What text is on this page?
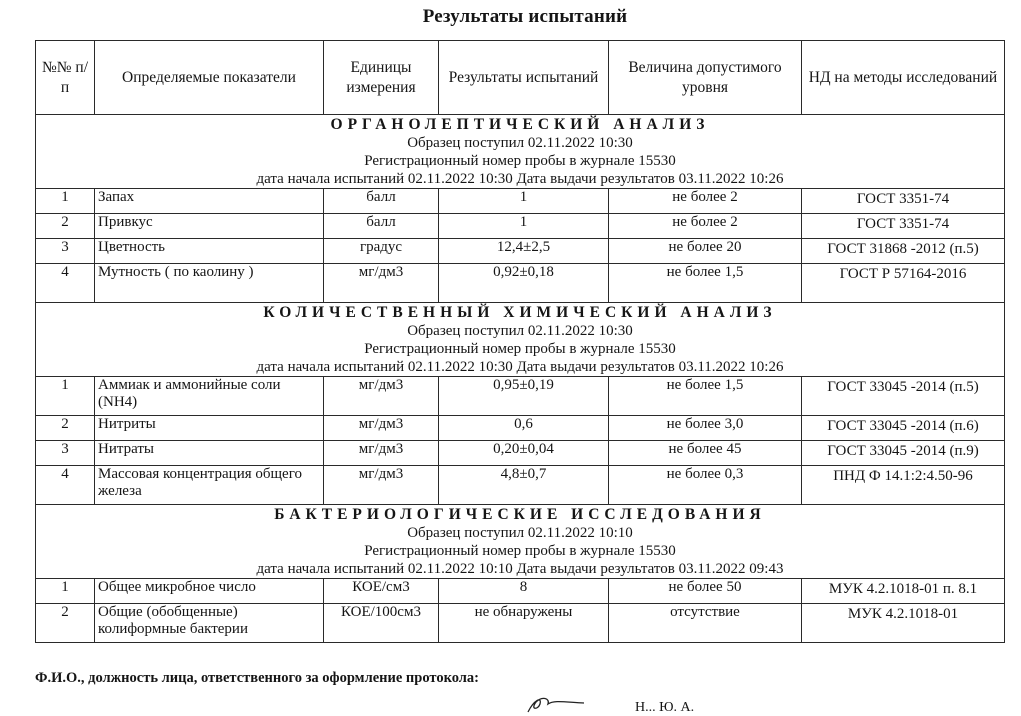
Результаты испытаний
№№ п/п	Определяемые показатели	Единицы измерения	Результаты испытаний	Величина допустимого уровня	НД на методы исследований

ОРГАНОЛЕПТИЧЕСКИЙ АНАЛИЗ
Образец поступил 02.11.2022 10:30
Регистрационный номер пробы в журнале 15530
дата начала испытаний 02.11.2022 10:30 Дата выдачи результатов 03.11.2022 10:26					

1	Запах	балл	1	не более 2	ГОСТ 3351-74
2	Привкус	балл	1	не более 2	ГОСТ 3351-74
3	Цветность	градус	12,4±2,5	не более 20	ГОСТ 31868 -2012 (п.5)
4	Мутность ( по каолину )	мг/дм3	0,92±0,18	не более 1,5	ГОСТ Р 57164-2016

КОЛИЧЕСТВЕННЫЙ ХИМИЧЕСКИЙ АНАЛИЗ
Образец поступил 02.11.2022 10:30
Регистрационный номер пробы в журнале 15530
дата начала испытаний 02.11.2022 10:30 Дата выдачи результатов 03.11.2022 10:26					

1	Аммиак и аммонийные соли (NH4)	мг/дм3	0,95±0,19	не более 1,5	ГОСТ 33045 -2014 (п.5)
2	Нитриты	мг/дм3	0,6	не более 3,0	ГОСТ 33045 -2014 (п.6)
3	Нитраты	мг/дм3	0,20±0,04	не более 45	ГОСТ 33045 -2014 (п.9)
4	Массовая концентрация общего железа	мг/дм3	4,8±0,7	не более 0,3	ПНД Ф 14.1:2:4.50-96

БАКТЕРИОЛОГИЧЕСКИЕ ИССЛЕДОВАНИЯ
Образец поступил 02.11.2022 10:10
Регистрационный номер пробы в журнале 15530
дата начала испытаний 02.11.2022 10:10 Дата выдачи результатов 03.11.2022 09:43					

1	Общее микробное число	КОЕ/см3	8	не более 50	МУК 4.2.1018-01 п. 8.1
2	Общие (обобщенные) колиформные бактерии	КОЕ/100см3	не обнаружены	отсутствие	МУК 4.2.1018-01
Ф.И.О., должность лица, ответственного за оформление протокола:
Н... Ю. А.
